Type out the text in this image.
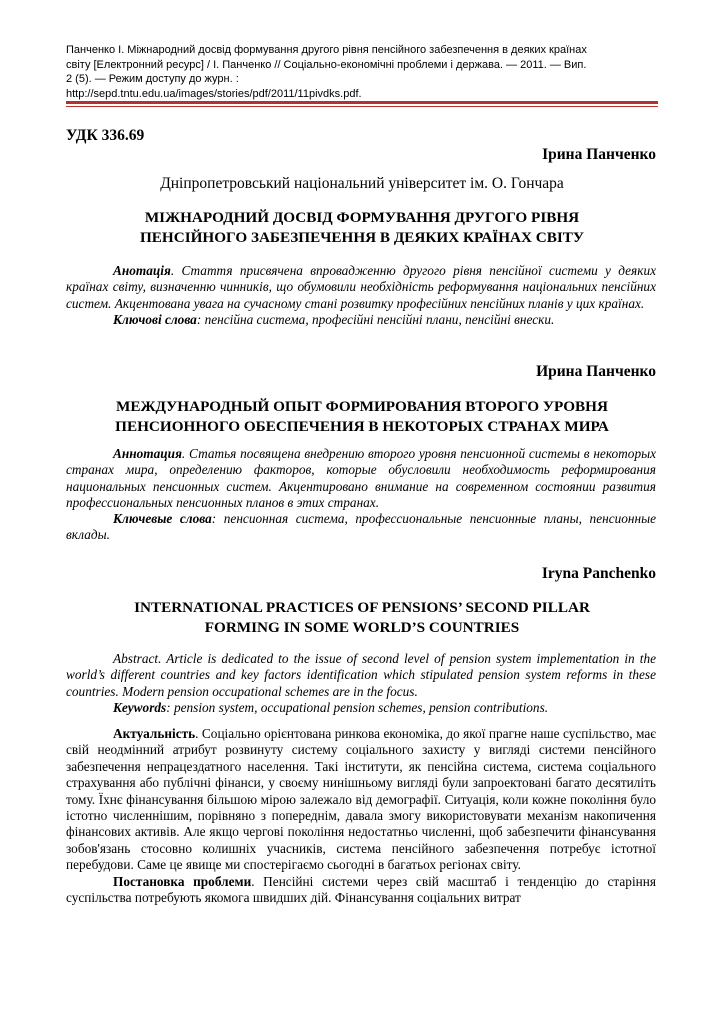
Панченко І. Міжнародний досвід формування другого рівня пенсійного забезпечення в деяких країнах
світу [Електронний ресурс] / І. Панченко // Соціально-економічні проблеми і держава. — 2011. — Вип.
2 (5). — Режим доступу до журн. :
http://sepd.tntu.edu.ua/images/stories/pdf/2011/11pivdks.pdf.
УДК 336.69
Ірина Панченко
Дніпропетровський національний університет ім. О. Гончара
МІЖНАРОДНИЙ ДОСВІД ФОРМУВАННЯ ДРУГОГО РІВНЯ
ПЕНСІЙНОГО ЗАБЕЗПЕЧЕННЯ В ДЕЯКИХ КРАЇНАХ СВІТУ

Анотація. Стаття присвячена впровадженню другого рівня пенсійної системи у деяких країнах світу, визначенню чинників, що обумовили необхідність реформування національних пенсійних систем. Акцентована увага на сучасному стані розвитку професійних пенсійних планів у цих країнах.

Ключові слова: пенсійна система, професійні пенсійні плани, пенсійні внески.

Ирина Панченко
МЕЖДУНАРОДНЫЙ ОПЫТ ФОРМИРОВАНИЯ ВТОРОГО УРОВНЯ
ПЕНСИОННОГО ОБЕСПЕЧЕНИЯ В НЕКОТОРЫХ СТРАНАХ МИРА

Аннотация. Статья посвящена внедрению второго уровня пенсионной системы в некоторых странах мира, определению факторов, которые обусловили необходимость реформирования национальных пенсионных систем. Акцентировано внимание на современном состоянии развития профессиональных пенсионных планов в этих странах.

Ключевые слова: пенсионная система, профессиональные пенсионные планы, пенсионные вклады.

Iryna Panchenko
INTERNATIONAL PRACTICES OF PENSIONS’ SECOND PILLAR
FORMING IN SOME WORLD’S COUNTRIES

Abstract. Article is dedicated to the issue of second level of pension system implementation in the world’s different countries and key factors identification which stipulated pension system reforms in these countries. Modern pension occupational schemes are in the focus.

Keywords: pension system, occupational pension schemes, pension contributions.

Актуальність. Соціально орієнтована ринкова економіка, до якої прагне наше суспільство, має свій неодмінний атрибут розвинуту систему соціального захисту у вигляді системи пенсійного забезпечення непрацездатного населення. Такі інститути, як пенсійна система, система соціального страхування або публічні фінанси, у своєму нинішньому вигляді були запроектовані багато десятиліть тому. Їхнє фінансування більшою мірою залежало від демографії. Ситуація, коли кожне покоління було істотно численнішим, порівняно з попереднім, давала змогу використовувати механізм накопичення фінансових активів. Але якщо чергові покоління недостатньо численні, щоб забезпечити фінансування зобов'язань стосовно колишніх учасників, система пенсійного забезпечення потребує істотної перебудови. Саме це явище ми спостерігаємо сьогодні в багатьох регіонах світу.

Постановка проблеми. Пенсійні системи через свій масштаб і тенденцію до старіння суспільства потребують якомога швидших дій. Фінансування соціальних витрат
